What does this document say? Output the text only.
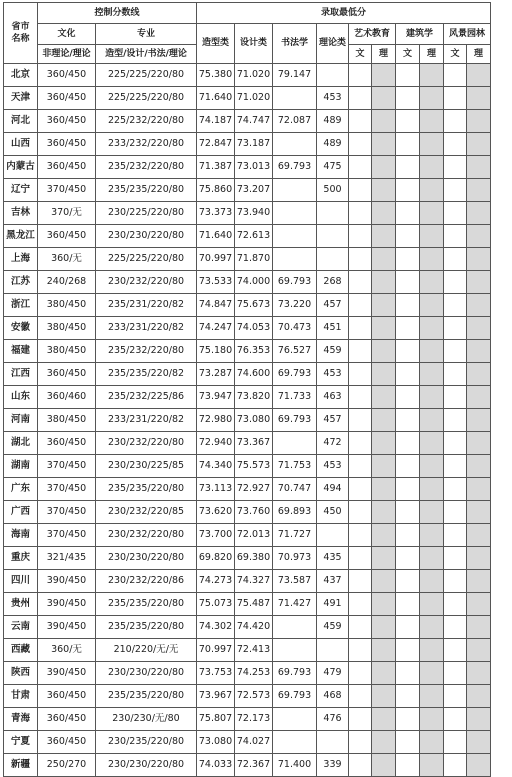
省市名称	控制分数线		录取最低分									
	文化	专业	造型类	设计类	书法学	理论类	艺术教育		建筑学		风景园林	
	非理论/理论	造型/设计/书法/理论					文	理	文	理	文	理
北京	360/450	225/225/220/80	75.380	71.020	79.147							
天津	360/450	225/225/220/80	71.640	71.020		453						
河北	360/450	225/232/220/80	74.187	74.747	72.087	489						
山西	360/450	233/232/220/80	72.847	73.187		489						
内蒙古	360/450	235/232/220/80	71.387	73.013	69.793	475						
辽宁	370/450	235/235/220/80	75.860	73.207		500						
吉林	370/无	230/225/220/80	73.373	73.940								
黑龙江	360/450	230/230/220/80	71.640	72.613								
上海	360/无	225/225/220/80	70.997	71.870								
江苏	240/268	230/232/220/80	73.533	74.000	69.793	268						
浙江	380/450	235/231/220/82	74.847	75.673	73.220	457						
安徽	380/450	233/231/220/82	74.247	74.053	70.473	451						
福建	380/450	235/232/220/80	75.180	76.353	76.527	459						
江西	360/450	235/235/220/82	73.287	74.600	69.793	453						
山东	360/460	235/232/225/86	73.947	73.820	71.733	463						
河南	380/450	233/231/220/82	72.980	73.080	69.793	457						
湖北	360/450	230/232/220/80	72.940	73.367		472						
湖南	370/450	230/230/225/85	74.340	75.573	71.753	453						
广东	370/450	235/235/220/80	73.113	72.927	70.747	494						
广西	370/450	230/232/220/85	73.620	73.760	69.893	450						
海南	370/450	230/232/220/80	73.700	72.013	71.727							
重庆	321/435	230/230/220/80	69.820	69.380	70.973	435						
四川	390/450	230/232/220/86	74.273	74.327	73.587	437						
贵州	390/450	235/235/220/80	75.073	75.487	71.427	491						
云南	390/450	235/235/220/80	74.302	74.420		459						
西藏	360/无	210/220/无/无	70.997	72.413								
陕西	390/450	230/230/220/80	73.753	74.253	69.793	479						
甘肃	360/450	235/235/220/80	73.967	72.573	69.793	468						
青海	360/450	230/230/无/80	75.807	72.173		476						
宁夏	360/450	230/235/220/80	73.080	74.027								
新疆	250/270	230/230/220/80	74.033	72.367	71.400	339						
